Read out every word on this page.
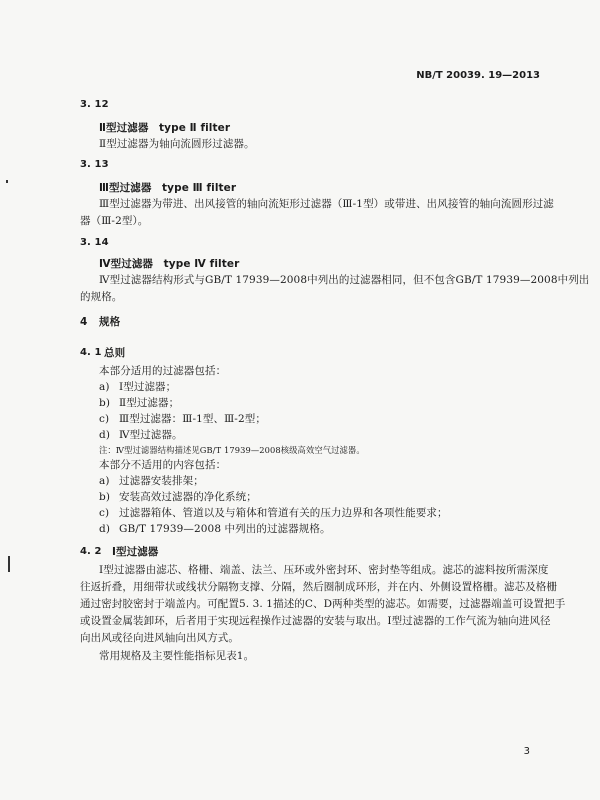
NB/T 20039. 19—2013
3. 12
Ⅱ型过滤器　type Ⅱ filter
Ⅱ型过滤器为轴向流圆形过滤器。
3. 13
Ⅲ型过滤器　type Ⅲ filter
Ⅲ型过滤器为带进、出风接管的轴向流矩形过滤器（Ⅲ-1型）或带进、出风接管的轴向流圆形过滤
器（Ⅲ-2型）。
3. 14
Ⅳ型过滤器　type Ⅳ filter
Ⅳ型过滤器结构形式与GB/T 17939—2008中列出的过滤器相同，但不包含GB/T 17939—2008中列出
的规格。
4 规格
4. 1 总则
本部分适用的过滤器包括：
a) Ⅰ型过滤器；
b) Ⅱ型过滤器；
c) Ⅲ型过滤器：Ⅲ-1型、Ⅲ-2型；
d) Ⅳ型过滤器。
注：Ⅳ型过滤器结构描述见GB/T 17939—2008核级高效空气过滤器。
本部分不适用的内容包括：
a) 过滤器安装排架；
b) 安装高效过滤器的净化系统；
c) 过滤器箱体、管道以及与箱体和管道有关的压力边界和各项性能要求；
d) GB/T 17939—2008 中列出的过滤器规格。
4. 2 Ⅰ型过滤器
Ⅰ型过滤器由滤芯、格栅、端盖、法兰、压环或外密封环、密封垫等组成。滤芯的滤料按所需深度
往返折叠，用细带状或线状分隔物支撑、分隔，然后圈制成环形，并在内、外侧设置格栅。滤芯及格栅
通过密封胶密封于端盖内。可配置5. 3. 1描述的C、D两种类型的滤芯。如需要，过滤器端盖可设置把手
或设置金属装卸环，后者用于实现远程操作过滤器的安装与取出。Ⅰ型过滤器的工作气流为轴向进风径
向出风或径向进风轴向出风方式。
常用规格及主要性能指标见表1。
3
